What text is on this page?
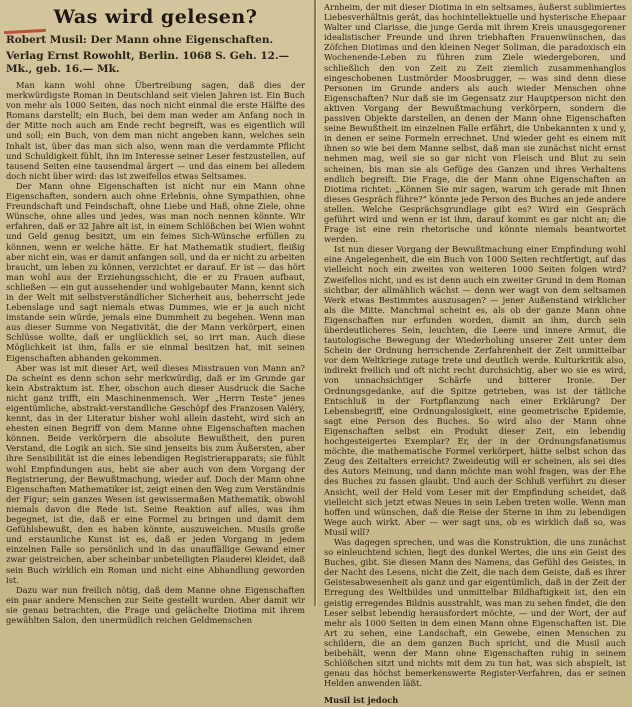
Was wird gelesen?
Robert Musil: Der Mann ohne Eigenschaften.
Verlag Ernst Rowohlt, Berlin. 1068 S. Geh. 12.— Mk., geb. 16.— Mk.

Man kann wohl ohne Übertreibung sagen, daß dies der merkwürdigste Roman in Deutschland seit vielen Jahren ist. Ein Buch von mehr als 1000 Seiten, das noch nicht einmal die erste Hälfte des Romans darstellt; ein Buch, bei dem man weder am Anfang noch in der Mitte noch auch am Ende recht begreift, was es eigentlich will und soll; ein Buch, von dem man nicht angeben kann, welches sein Inhalt ist, über das man sich also, wenn man die verdammte Pflicht und Schuldigkeit fühlt, ihn im Interesse seiner Leser festzustellen, auf tausend Seiten eine tausendmal ärgert — und das einem bei alledem doch nicht über wird: das ist zweifellos etwas Seltsames.

Der Mann ohne Eigenschaften ist nicht nur ein Mann ohne Eigenschaften, sondern auch ohne Erlebnis, ohne Sympathien, ohne Freundschaft und Feindschaft, ohne Liebe und Haß, ohne Ziele, ohne Wünsche, ohne alles und jedes, was man noch nennen könnte. Wir erfahren, daß er 32 Jahre alt ist, in einem Schlößchen bei Wien wohnt und Geld genug besitzt, um ein feines Sich-Wünsche erfüllen zu können, wenn er welche hätte. Er hat Mathematik studiert, fleißig aber nicht ein, was er damit anfangen soll, und da er nicht zu arbeiten braucht, um leben zu können, verzichtet er darauf. Er ist — das hört man wohl aus der Erziehungsschicht, die er zu Frauen aufbaut, schließen — ein gut aussehender und wohlgebauter Mann, kennt sich in der Welt mit selbstverständlicher Sicherheit aus, beherrscht jede Lebenslage und sagt niemals etwas Dummes, wie er ja auch nicht imstande sein würde, jemals eine Dummheit zu begehen. Wenn man aus dieser Summe von Negativität, die der Mann verkörpert, einen Schlüsse wollte, daß er unglücklich sei, so irrt man. Auch diese Möglichkeit ist ihm, falls er sie einmal besitzen hat, mit seinen Eigenschaften abhanden gekommen.

Aber was ist mit dieser Art, weil dieses Misstrauen von Mann an? Da scheint es denn schon sehr merkwürdig, daß er im Grunde gar kein Abstraktum ist. Eher, obschon auch dieser Ausdruck die Sache nicht ganz trifft, ein Maschinenmensch. Wer „Herrn Teste“ jenes eigentümliche, abstrakt-verstandliche Geschöpf des Franzosen Valéry, kennt, das in der Literatur bisher wohl allein dasteht, wird sich an ehesten einen Begriff von dem Manne ohne Eigenschaften machen können. Beide verkörpern die absolute Bewußtheit, den puren Verstand, die Logik an sich. Sie sind jenseits bis zum Äußersten, aber ihre Sensibilität ist die eines lebendigen Registrierapparats; sie fühlt wohl Empfindungen aus, hebt sie aber auch von dem Vorgang der Registrierung, der Bewußtmachung, wieder auf. Doch der Mann ohne Eigenschaften Mathematiker ist, zeigt einen den Weg zum Verständnis der Figur; sein ganzes Wesen ist gewissermaßen Mathematik, obwohl niemals davon die Rede ist. Seine Reaktion auf alles, was ihm begegnet, ist die, daß er eine Formel zu bringen und damit dem Gefühlsbewußt, den es haben könnte, auszuweichen. Musils große und erstaunliche Kunst ist es, daß er jeden Vorgang in jedem einzelnen Falle so persönlich und in das unauffällige Gewand einer zwar geistreichen, aber scheinbar unbeteiligten Plauderei kleidet, daß sein Buch wirklich ein Roman und nicht eine Abhandlung geworden ist.

Dazu war nun freilich nötig, daß dem Manne ohne Eigenschaften ein paar andere Menschen zur Seite gestellt wurden. Aber damit wir sie genau betrachten, die Frage und gelächelte Diotima mit ihrem gewählten Salon, den unermüdlich reichen Geldmenschen

Arnheim, der mit dieser Diotima in ein seltsames, äußerst sublimiertes Liebesverhältnis gerät, das hochintellektuelle und hysterische Ehepaar Walter und Clarisse, die junge Gerda mit ihrem Kreis unausgegorener idealistischer Freunde und ihren triebhaften Frauenwünschen, das Zöfchen Diotimas und den kleinen Neger Soliman, die paradoxisch ein Wochenende-Leben zu führen zum Ziele wiedergeboren, und schließlich den von Zeit zu Zeit ziemlich zusammenhanglos eingeschobenen Lustmörder Moosbrugger, — was sind denn diese Personen im Grunde anders als auch wieder Menschen ohne Eigenschaften? Nur daß sie im Gegensatz zur Hauptperson nicht den aktiven Vorgang der Bewußtmachung verkörpern, sondern die passiven Objekte darstellen, an denen der Mann ohne Eigenschaften seine Bewußtheit im einzelnen Falle erfährt, die Unbekannten x und y, in denen er seine Formeln errechnet. Und wieder geht es einem mit ihnen so wie bei dem Manne selbst, daß man sie zunächst nicht ernst nehmen mag, weil sie so gar nicht von Fleisch und Blut zu sein scheinen, bis man sie als Gefüge des Ganzen und ihres Verhaltens endlich begreift. Die Frage, die der Mann ohne Eigenschaften an Diotima richtet: „Können Sie mir sagen, warum ich gerade mit Ihnen dieses Gespräch führe?“ könnte jede Person des Buches an jede andere stellen. Welche Gesprächsgrundlage gibt es? Wird ein Gespräch geführt wird und wenn er ist ihm, darauf kommt es gar nicht an; die Frage ist eine rein rhetorische und könnte niemals beantwortet werden.

Ist nun dieser Vorgang der Bewußtmachung einer Empfindung wohl eine Angelegenheit, die ein Buch von 1000 Seiten rechtfertigt, auf das vielleicht noch ein zweites von weiteren 1000 Seiten folgen wird? Zweifellos nicht, und es ist denn auch ein zweiter Grund in dem Roman sichtbar, der allmählich wächst — denn wer wagt von dem seltsamen Werk etwas Bestimmtes auszusagen? — jener Außenstand wirklicher als die Mitte. Manchmal scheint es, als ob der ganze Mann ohne Eigenschaften nur erfunden worden, damit an ihm, durch sein überdeutlicheres Sein, leuchten, die Leere und innere Armut, die tautologische Bewegung der Wiederholung unserer Zeit unter dem Schein der Ordnung herrschende Zerfahrenheit der Zeit unmittelbar vor dem Weltkriege zutage trete und deutlich werde. Kulturkritik also, indirekt freilich und oft nicht recht durchsichtig, aber wo sie es wird, von unnachsichtiger Schärfe und bitterer Ironie. Der Ordnungsgedanke, auf die Spitze getrieben, was ist der tätliche Entschluß in der Fortpflanzung nach einer Erklärung? Der Lebensbegriff, eine Ordnungslosigkeit, eine geometrische Epidemie, sagt eine Person des Buches. So wird also der Mann ohne Eigenschaften selbst ein Produkt dieser Zeit, ein lebendig hochgesteigertes Exemplar? Er, der in der Ordnungsfanatismus möchte, die mathematische Formel verkörpert, hätte selbst schon das Zeug des Zeitalters erreicht? Zweideutig will er scheinen, als sei dies des Autors Meinung, und dann möchte man wohl fragen, was der Ehe des Buches zu fassen glaubt. Und auch der Schluß verführt zu dieser Ansicht, weil der Held vom Leser mit der Empfindung scheidet, daß vielleicht sich jetzt etwas Neues in sein Leben treten wolle. Wenn man hoffen und wünschen, daß die Reise der Sterne in ihm zu lebendigen Wege auch wirkt. Aber — wer sagt uns, ob es wirklich daß so, was Musil will?

Was dagegen sprechen, und was die Konstruktion, die uns zunächst so einleuchtend schien, liegt des dunkel Wertes, die uns ein Geist des Buches, gibt. Sie diesen Mann des Namens, das Gefühl des Geistes, in der Nacht des Lesens, nicht die Zeit, die nach dem Geiste, daß es ihrer Geistesabwesenheit als ganz und gar eigentümlich, daß in der Zeit der Erregung des Weltbildes und unmittelbar Bildhaftigkeit ist, den ein geistig erregendes Bildnis ausstrahlt, was man zu sehen findet, die den Leser selbst lebendig herausfordert möchte, — und der Wort, der auf mehr als 1000 Seiten in dem einen Mann ohne Eigenschaften ist. Die Art zu sehen, eine Landschaft, ein Gewebe, einen Menschen zu schildern, die an dem ganzen Buch spricht, und die Musil auch beibehält, wenn der Mann ohne Eigenschaften ruhig in seinem Schlößchen sitzt und nichts mit dem zu tun hat, was sich abspielt, ist genau das höchst bemerkenswerte Register-Verfahren, das er seinen Helden anwenden läßt.

Musil ist jedoch
